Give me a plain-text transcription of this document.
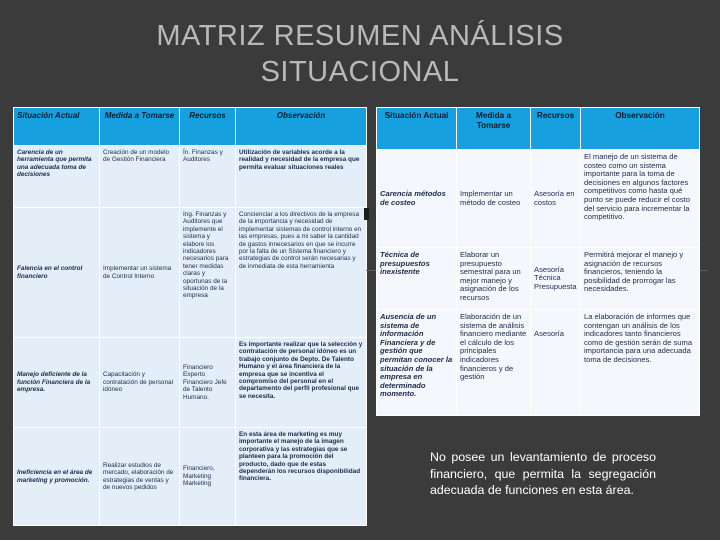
MATRIZ RESUMEN ANÁLISIS
SITUACIONAL
Situación Actual	Medida a Tomarse	Recursos	Observación
Carencia de un herramienta que permita una adecuada toma de decisiones	Creación de un modelo de Gestión Financiera	Ín. Finanzas y Auditores	Utilización de variables acorde a la realidad y necesidad de la empresa que permita evaluar situaciones reales
Falencia en el control financiero	Implementar un sistema de Control Interno	Ing. Finanzas y Auditores que implemente el sistema y elabore los indicadores necesarios para tener medidas claras y oportunas de la situación de la empresa	Concienciar a los directivos de la empresa de la importancia y necesidad de implementar sistemas de control interno en las empresas, pues a mi saber la cantidad de gastos innecesarios en que se incurre por la falta de un Sistema financiero y estrategias de control serán necesarias y de inmediata de esta herramienta
Manejo deficiente de la función Financiera de la empresa.	Capacitación y contratación de personal idóneo	Financiero Experto Financiero Jefe de Talento Humano.	Es importante realizar que la selección y contratación de personal idóneo es un trabajo conjunto de Depto. De Talento Humano y el área financiera de la empresa que se incentiva el compromiso del personal en el departamento del perfil profesional que se necesita.
Ineficiencia en el área de marketing y promoción.	Realizar estudios de mercado, elaboración de estrategias de ventas y de nuevos pedidos	Financiero, Marketing Marketing	En esta área de marketing es muy importante el manejo de la imagen corporativa y las estrategias que se planteen para la promoción del producto, dado que de estas dependerán los recursos disponibilidad financiera.
Situación Actual	Medida a Tomarse	Recursos	Observación
Carencia métodos de costeo	Implementar un método de costeo	Asesoría en costos	El manejo de un sistema de costeo como un sistema importante para la toma de decisiones en algunos factores competitivos como hasta qué punto se puede reducir el costo del servicio para incrementar la competitivo.
Técnica de presupuestos inexistente	Elaborar un presupuesto semestral para un mejor manejo y asignación de los recursos	Asesoría Técnica Presupuesta	Permitirá mejorar el manejo y asignación de recursos financieros, teniendo la posibilidad de prorrogar las necesidades.
Ausencia de un sistema de información Financiera y de gestión que permitan conocer la situación de la empresa en determinado momento.	Elaboración de un sistema de análisis financiero mediante el cálculo de los principales indicadores financieros y de gestión	Asesoría	La elaboración de informes que contengan un análisis de los indicadores tanto financieros como de gestión serán de suma importancia para una adecuada toma de decisiones.
No posee un levantamiento de proceso financiero, que permita la segregación adecuada de funciones en esta área.
